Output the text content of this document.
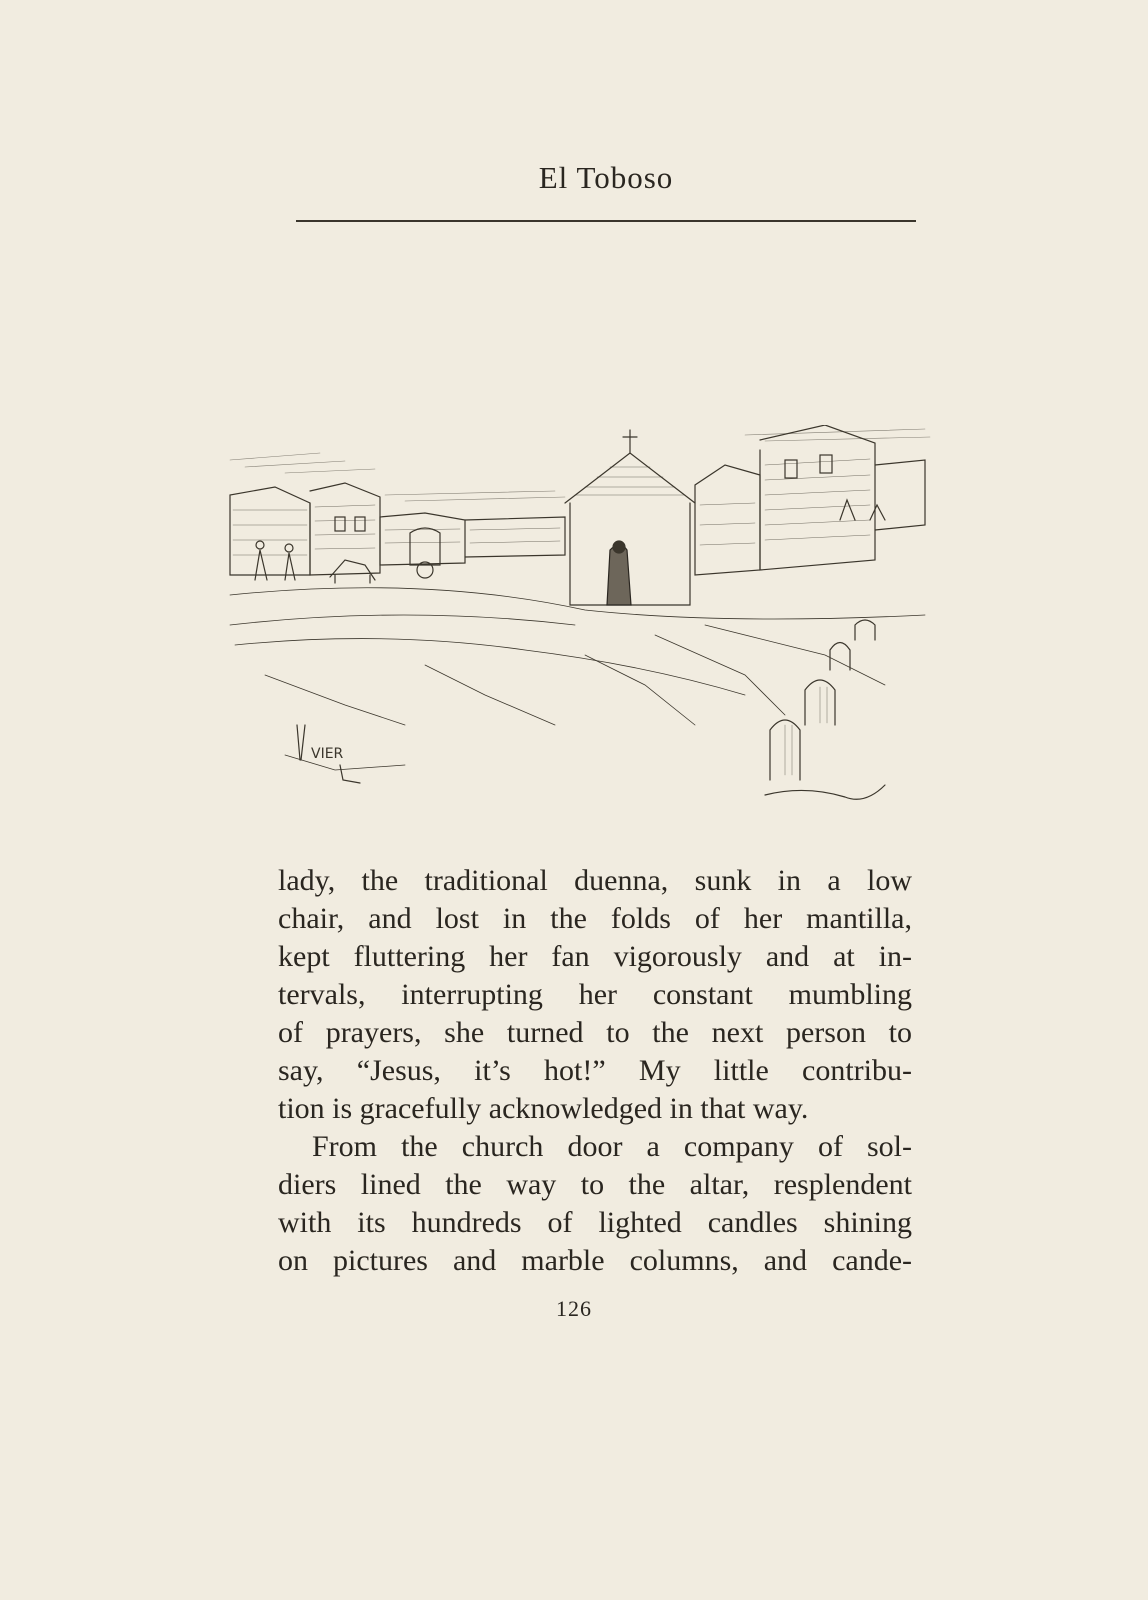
El Toboso
VIER
lady, the traditional duenna, sunk in a low
chair, and lost in the folds of her mantilla,
kept fluttering her fan vigorously and at in-
tervals, interrupting her constant mumbling
of prayers, she turned to the next person to
say, “Jesus, it’s hot!” My little contribu-
tion is gracefully acknowledged in that way.
From the church door a company of sol-
diers lined the way to the altar, resplendent
with its hundreds of lighted candles shining
on pictures and marble columns, and cande-
126
